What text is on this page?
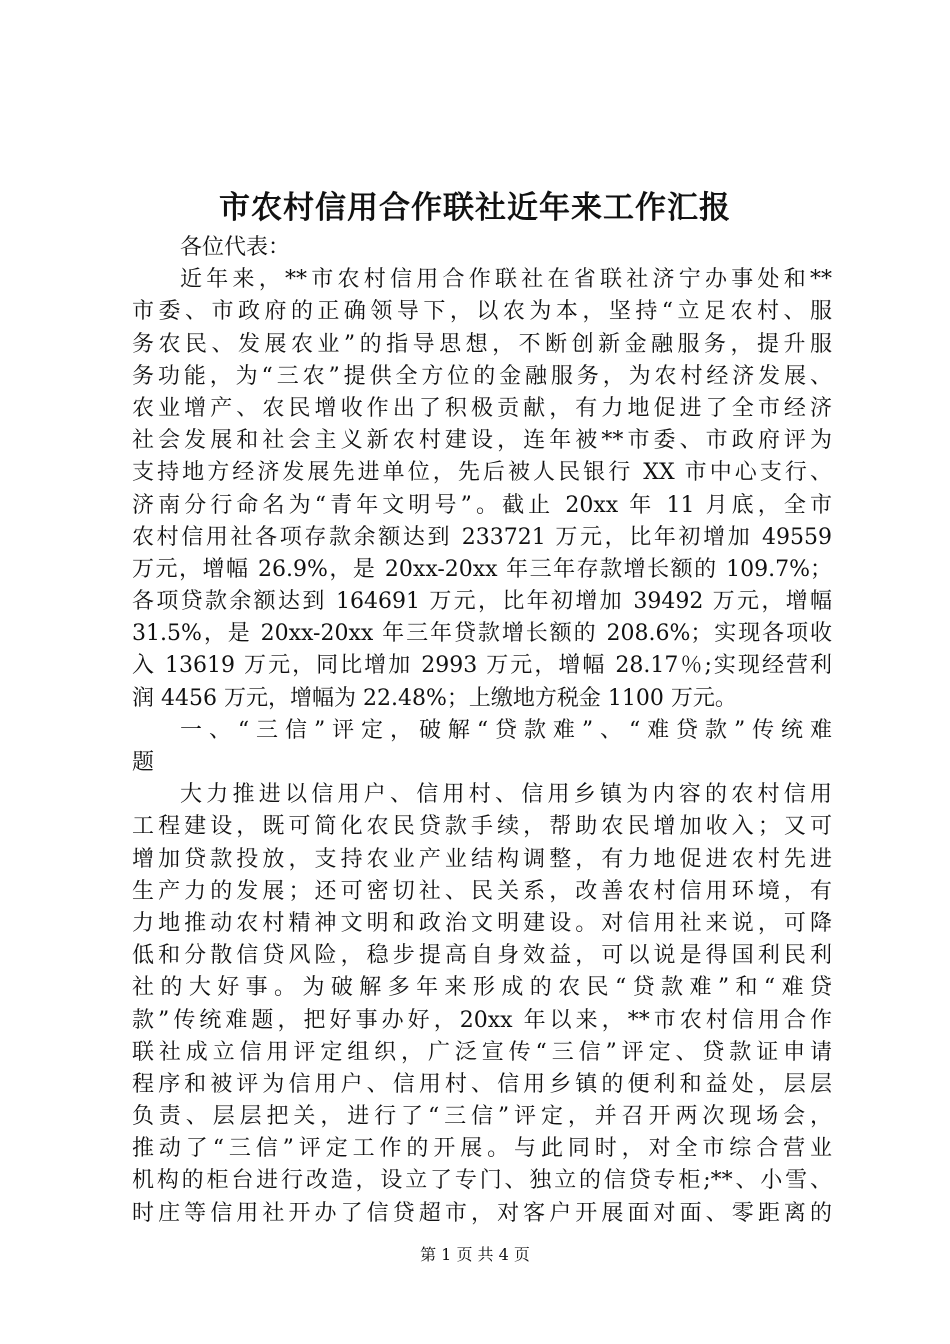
市农村信用合作联社近年来工作汇报
各位代表：
近年来，**市农村信用合作联社在省联社济宁办事处和**
市委、市政府的正确领导下，以农为本，坚持“立足农村、服
务农民、发展农业”的指导思想，不断创新金融服务，提升服
务功能，为“三农”提供全方位的金融服务，为农村经济发展、
农业增产、农民增收作出了积极贡献，有力地促进了全市经济
社会发展和社会主义新农村建设，连年被**市委、市政府评为
支持地方经济发展先进单位，先后被人民银行 XX 市中心支行、
济南分行命名为“青年文明号”。截止 20xx 年 11 月底，全市
农村信用社各项存款余额达到 233721 万元，比年初增加 49559
万元，增幅 26.9%，是 20xx-20xx 年三年存款增长额的 109.7%；
各项贷款余额达到 164691 万元，比年初增加 39492 万元，增幅
31.5%，是 20xx-20xx 年三年贷款增长额的 208.6%；实现各项收
入 13619 万元，同比增加 2993 万元，增幅 28.17％;实现经营利
润 4456 万元，增幅为 22.48%；上缴地方税金 1100 万元。
一、“三信”评定，破解“贷款难”、“难贷款”传统难
题
大力推进以信用户、信用村、信用乡镇为内容的农村信用
工程建设，既可简化农民贷款手续，帮助农民增加收入；又可
增加贷款投放，支持农业产业结构调整，有力地促进农村先进
生产力的发展；还可密切社、民关系，改善农村信用环境，有
力地推动农村精神文明和政治文明建设。对信用社来说，可降
低和分散信贷风险，稳步提高自身效益，可以说是得国利民利
社的大好事。为破解多年来形成的农民“贷款难”和“难贷
款”传统难题，把好事办好，20xx 年以来，**市农村信用合作
联社成立信用评定组织，广泛宣传“三信”评定、贷款证申请
程序和被评为信用户、信用村、信用乡镇的便利和益处，层层
负责、层层把关，进行了“三信”评定，并召开两次现场会，
推动了“三信”评定工作的开展。与此同时，对全市综合营业
机构的柜台进行改造，设立了专门、独立的信贷专柜;**、小雪、
时庄等信用社开办了信贷超市，对客户开展面对面、零距离的
第 1 页 共 4 页
